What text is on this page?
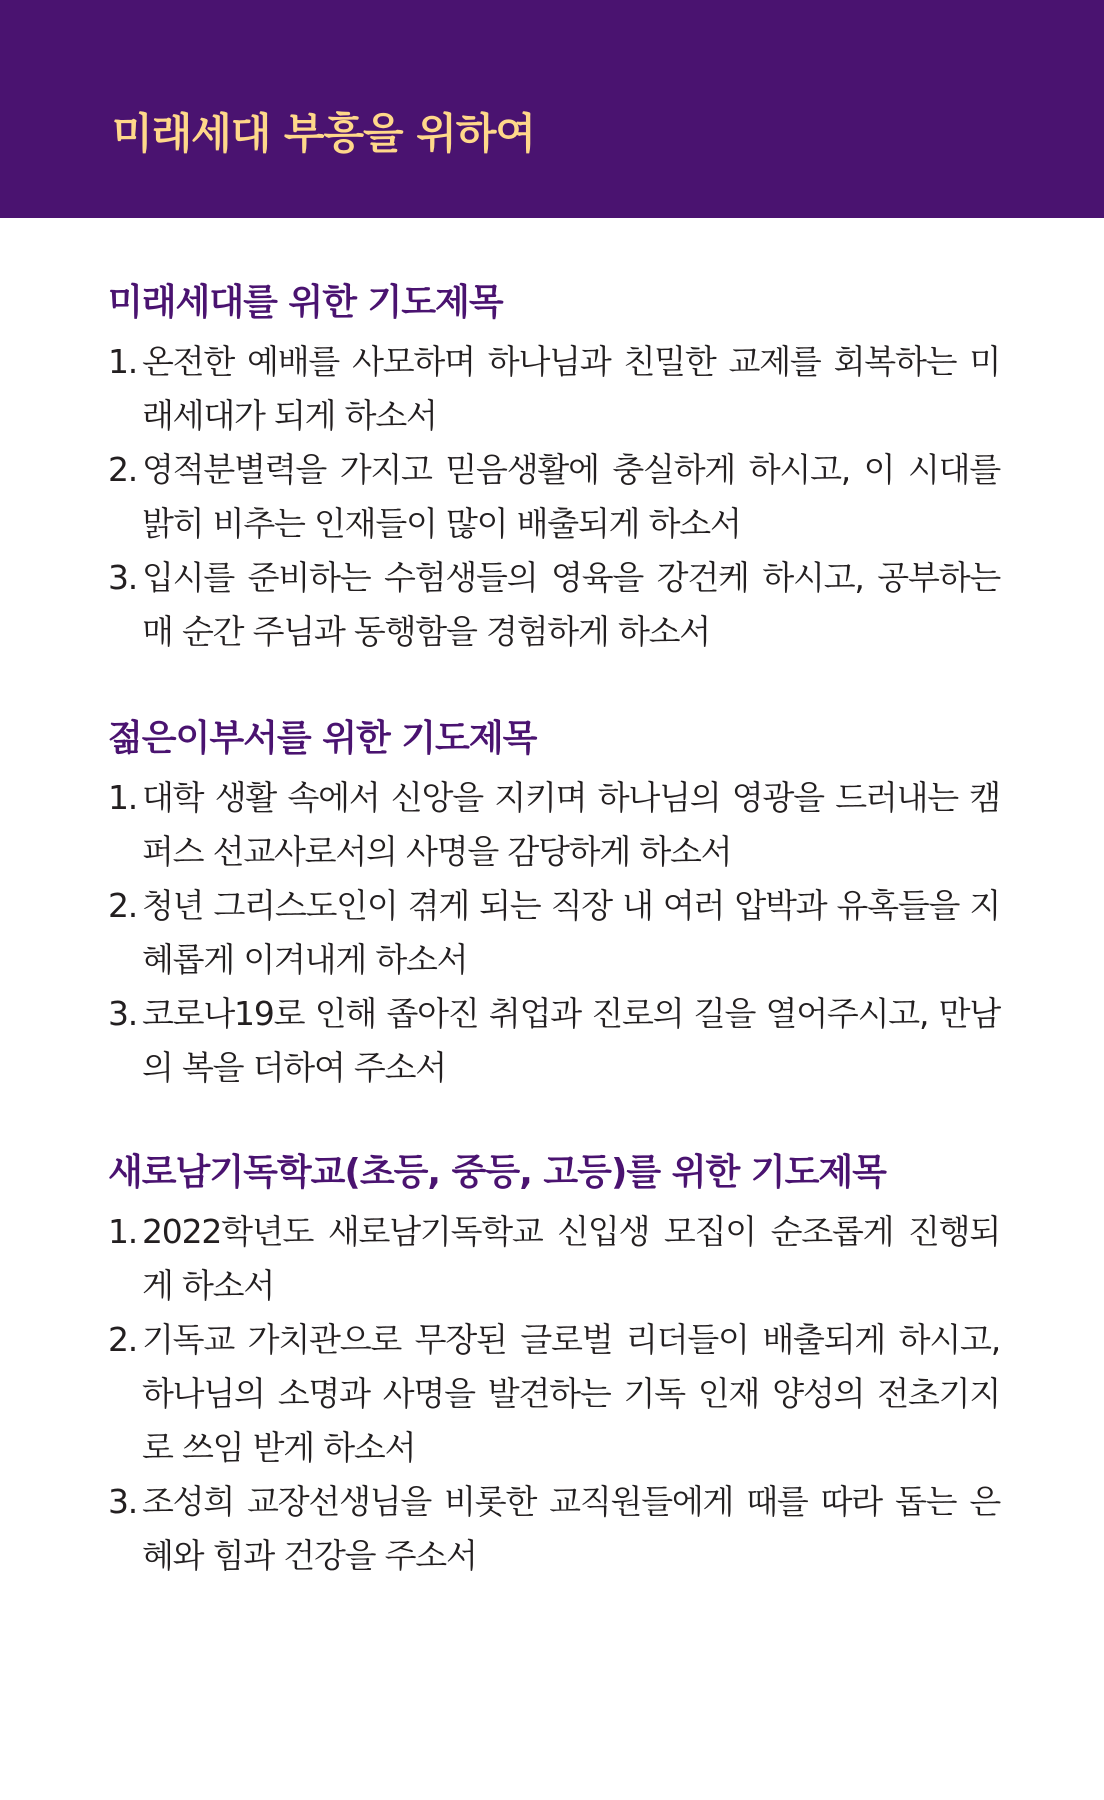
미래세대 부흥을 위하여
미래세대를 위한 기도제목
1. 온전한 예배를 사모하며 하나님과 친밀한 교제를 회복하는 미래세대가 되게 하소서
2. 영적분별력을 가지고 믿음생활에 충실하게 하시고, 이 시대를 밝히 비추는 인재들이 많이 배출되게 하소서
3. 입시를 준비하는 수험생들의 영육을 강건케 하시고, 공부하는 매 순간 주님과 동행함을 경험하게 하소서
젊은이부서를 위한 기도제목
1. 대학 생활 속에서 신앙을 지키며 하나님의 영광을 드러내는 캠퍼스 선교사로서의 사명을 감당하게 하소서
2. 청년 그리스도인이 겪게 되는 직장 내 여러 압박과 유혹들을 지혜롭게 이겨내게 하소서
3. 코로나19로 인해 좁아진 취업과 진로의 길을 열어주시고, 만남의 복을 더하여 주소서
새로남기독학교(초등, 중등, 고등)를 위한 기도제목
1. 2022학년도 새로남기독학교 신입생 모집이 순조롭게 진행되게 하소서
2. 기독교 가치관으로 무장된 글로벌 리더들이 배출되게 하시고, 하나님의 소명과 사명을 발견하는 기독 인재 양성의 전초기지로 쓰임 받게 하소서
3. 조성희 교장선생님을 비롯한 교직원들에게 때를 따라 돕는 은혜와 힘과 건강을 주소서
